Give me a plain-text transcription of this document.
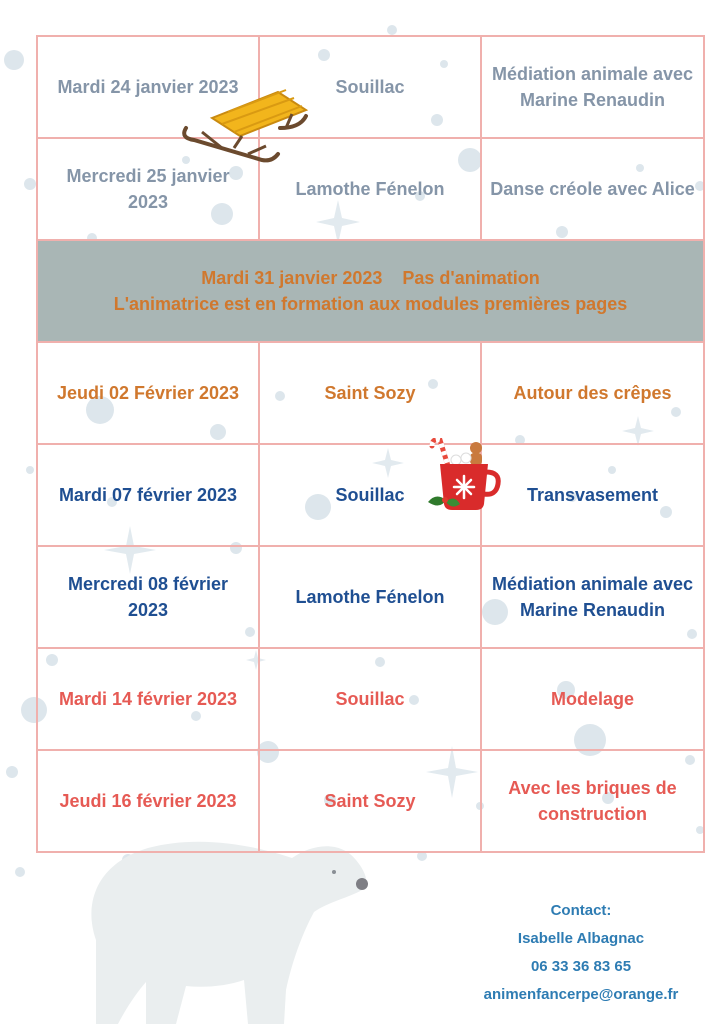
Mardi 24 janvier 2023	Souillac	Médiation animale avec Marine Renaudin
Mercredi 25 janvier 2023	Lamothe Fénelon	Danse créole avec Alice
Mardi 31 janvier 2023 Pas d'animation
L'animatrice est en formation aux modules premières pages		
Jeudi 02 Février 2023	Saint Sozy	Autour des crêpes
Mardi 07 février 2023	Souillac	Transvasement
Mercredi 08 février 2023	Lamothe Fénelon	Médiation animale avec Marine Renaudin
Mardi 14 février 2023	Souillac	Modelage
Jeudi 16 février 2023	Saint Sozy	Avec les briques de construction
Contact:
Isabelle Albagnac
06 33 36 83 65
animenfancerpe@orange.fr
